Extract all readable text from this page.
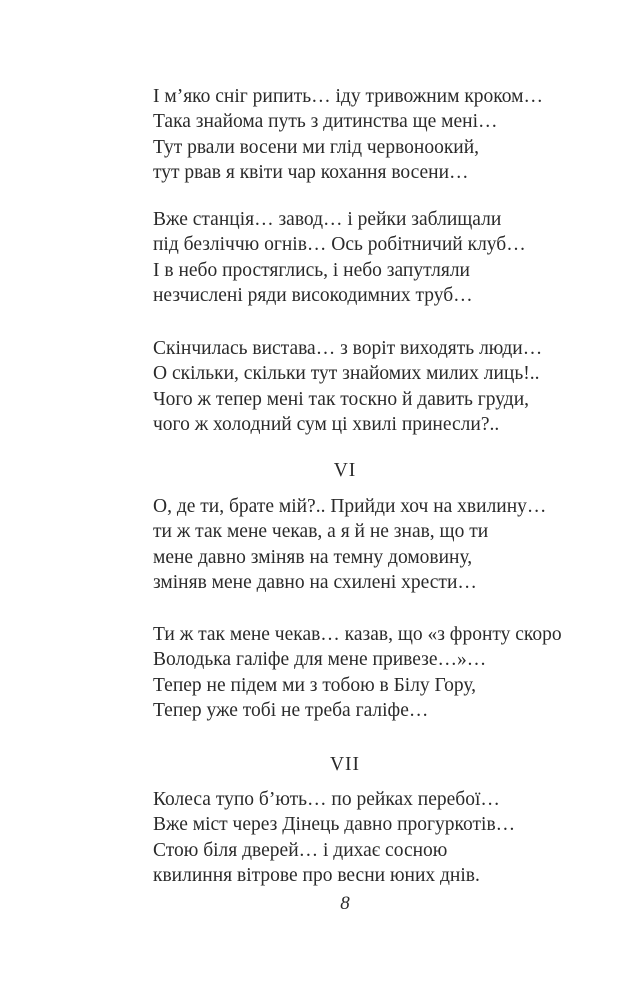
І м’яко сніг рипить… іду тривожним кроком…
Така знайома путь з дитинства ще мені…
Тут рвали восени ми глід червоноокий,
тут рвав я квіти чар кохання восени…
Вже станція… завод… і рейки заблищали
під безліччю огнів… Ось робітничий клуб…
І в небо простяглись, і небо запутляли
незчислені ряди високодимних труб…
Скінчилась вистава… з воріт виходять люди…
О скільки, скільки тут знайомих милих лиць!..
Чого ж тепер мені так тоскно й давить груди,
чого ж холодний сум ці хвилі принесли?..
VI
О, де ти, брате мій?.. Прийди хоч на хвилину…
ти ж так мене чекав, а я й не знав, що ти
мене давно зміняв на темну домовину,
зміняв мене давно на схилені хрести…
Ти ж так мене чекав… казав, що «з фронту скоро
Володька галіфе для мене привезе…»…
Тепер не підем ми з тобою в Білу Гору,
Тепер уже тобі не треба галіфе…
VII
Колеса тупо б’ють… по рейках перебої…
Вже міст через Дінець давно прогуркотів…
Стою біля дверей… і дихає сосною
квилиння вітрове про весни юних днів.
8
